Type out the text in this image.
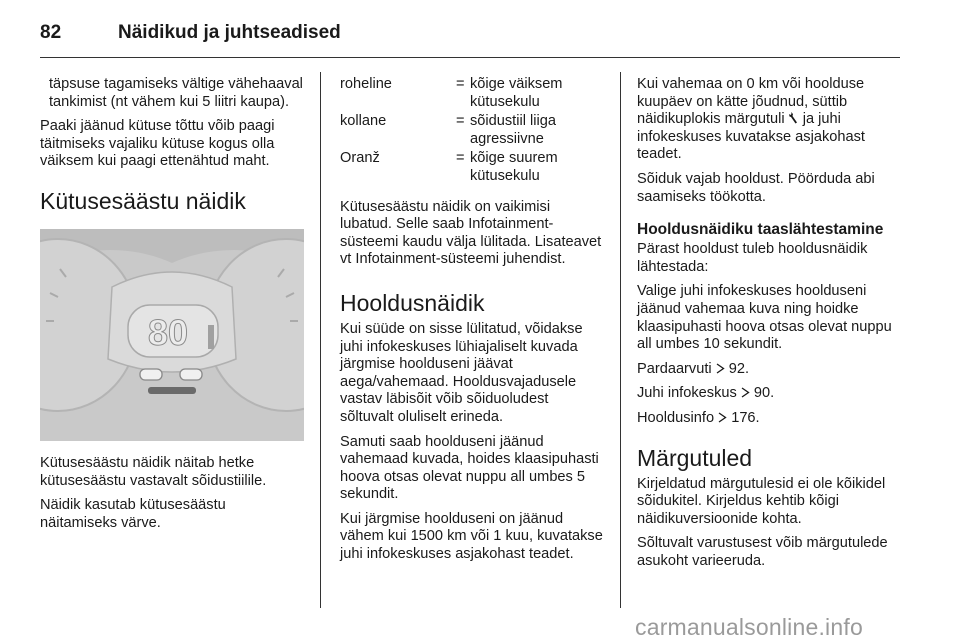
82	Näidikud ja juhtseadised

täpsuse tagamiseks vältige vähehaaval tankimist (nt vähem kui 5 liitri kaupa).

Paaki jäänud kütuse tõttu võib paagi täitmiseks vajaliku kütuse kogus olla väiksem kui paagi ettenähtud maht.

Kütusesäästu näidik
80

Kütusesäästu näidik näitab hetke kütusesäästu vastavalt sõidustiilile.

Näidik kasutab kütusesäästu näitamiseks värve.

roheline	=	kõige väiksem kütusekulu
kollane	=	sõidustiil liiga agressiivne
Oranž	=	kõige suurem kütusekulu

Kütusesäästu näidik on vaikimisi lubatud. Selle saab Infotainment-süsteemi kaudu välja lülitada. Lisateavet vt Infotainment-süsteemi juhendist.

Hooldusnäidik

Kui süüde on sisse lülitatud, võidakse juhi infokeskuses lühiajaliselt kuvada järgmise hoolduseni jäävat aega/vahemaad. Hooldusvajadusele vastav läbisõit võib sõiduoludest sõltuvalt oluliselt erineda.

Samuti saab hoolduseni jäänud vahemaad kuvada, hoides klaasipuhasti hoova otsas olevat nuppu all umbes 5 sekundit.

Kui järgmise hoolduseni on jäänud vähem kui 1500 km või 1 kuu, kuvatakse juhi infokeskuses asjakohast teadet.

Kui vahemaa on 0 km või hoolduse kuupäev on kätte jõudnud, süttib näidikuplokis märgutuli ja juhi infokeskuses kuvatakse asjakohast teadet.

Sõiduk vajab hooldust. Pöörduda abi saamiseks töökotta.

Hooldusnäidiku taaslähtestamine

Pärast hooldust tuleb hooldusnäidik lähtestada:

Valige juhi infokeskuses hoolduseni jäänud vahemaa kuva ning hoidke klaasipuhasti hoova otsas olevat nuppu all umbes 10 sekundit.

Pardaarvuti 92.

Juhi infokeskus 90.

Hooldusinfo 176.

Märgutuled

Kirjeldatud märgutulesid ei ole kõikidel sõidukitel. Kirjeldus kehtib kõigi näidikuversioonide kohta.

Sõltuvalt varustusest võib märgutulede asukoht varieeruda.

carmanualsonline.info
